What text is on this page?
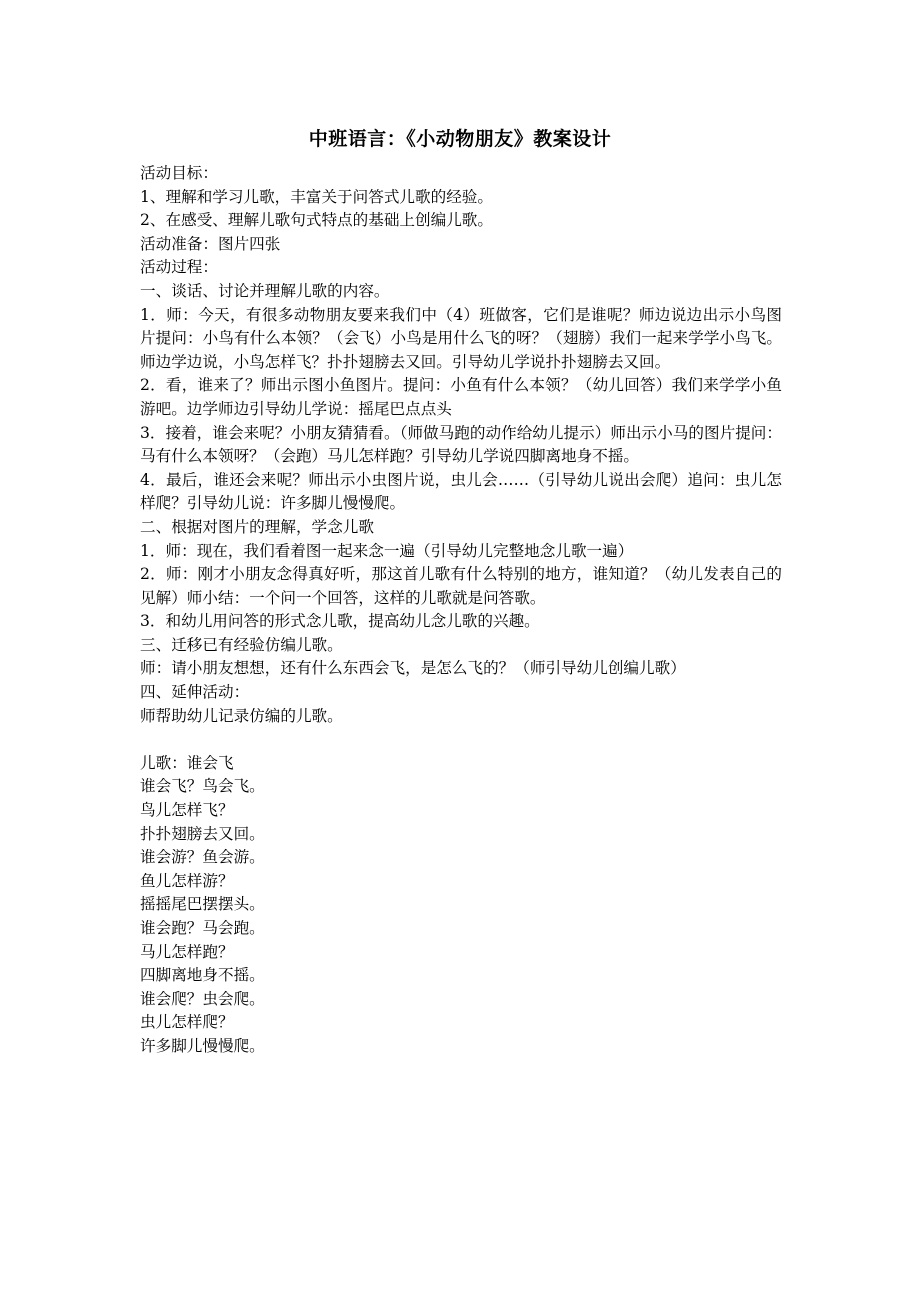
中班语言：《小动物朋友》教案设计
活动目标：
1、理解和学习儿歌，丰富关于问答式儿歌的经验。
2、在感受、理解儿歌句式特点的基础上创编儿歌。
活动准备：图片四张
活动过程：
一、谈话、讨论并理解儿歌的内容。
1．师：今天，有很多动物朋友要来我们中（4）班做客，它们是谁呢？师边说边出示小鸟图片提问：小鸟有什么本领？（会飞）小鸟是用什么飞的呀？（翅膀）我们一起来学学小鸟飞。师边学边说，小鸟怎样飞？扑扑翅膀去又回。引导幼儿学说扑扑翅膀去又回。
2．看，谁来了？师出示图小鱼图片。提问：小鱼有什么本领？（幼儿回答）我们来学学小鱼游吧。边学师边引导幼儿学说：摇尾巴点点头
3．接着，谁会来呢？小朋友猜猜看。（师做马跑的动作给幼儿提示）师出示小马的图片提问：马有什么本领呀？（会跑）马儿怎样跑？引导幼儿学说四脚离地身不摇。
4．最后，谁还会来呢？师出示小虫图片说，虫儿会……（引导幼儿说出会爬）追问：虫儿怎样爬？引导幼儿说：许多脚儿慢慢爬。
二、根据对图片的理解，学念儿歌
1．师：现在，我们看着图一起来念一遍（引导幼儿完整地念儿歌一遍）
2．师：刚才小朋友念得真好听，那这首儿歌有什么特别的地方，谁知道？（幼儿发表自己的见解）师小结：一个问一个回答，这样的儿歌就是问答歌。
3．和幼儿用问答的形式念儿歌，提高幼儿念儿歌的兴趣。
三、迁移已有经验仿编儿歌。
师：请小朋友想想，还有什么东西会飞，是怎么飞的？（师引导幼儿创编儿歌）
四、延伸活动：
师帮助幼儿记录仿编的儿歌。
儿歌：谁会飞
谁会飞？鸟会飞。
鸟儿怎样飞？
扑扑翅膀去又回。
谁会游？鱼会游。
鱼儿怎样游？
摇摇尾巴摆摆头。
谁会跑？马会跑。
马儿怎样跑？
四脚离地身不摇。
谁会爬？虫会爬。
虫儿怎样爬？
许多脚儿慢慢爬。
